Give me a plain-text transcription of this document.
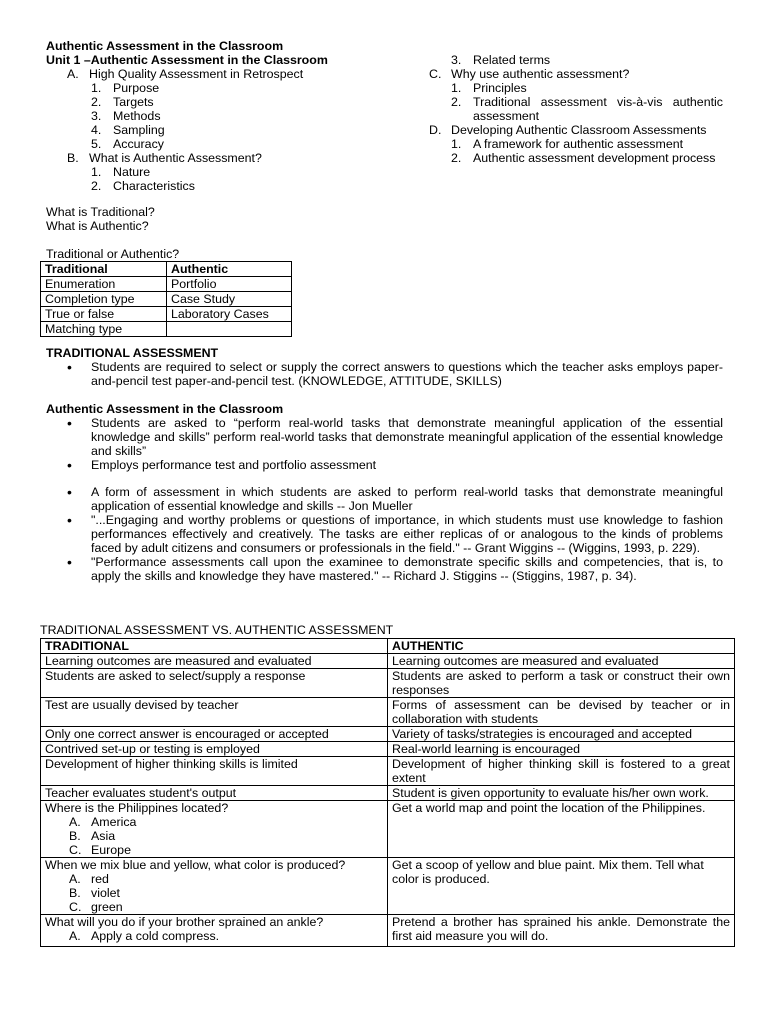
Authentic Assessment in the Classroom
Unit 1 –Authentic Assessment in the Classroom
A. High Quality Assessment in Retrospect
1. Purpose
2. Targets
3. Methods
4. Sampling
5. Accuracy
B. What is Authentic Assessment?
1. Nature
2. Characteristics
3. Related terms
C. Why use authentic assessment?
1. Principles
2. Traditional assessment vis-à-vis authentic assessment
D. Developing Authentic Classroom Assessments
1. A framework for authentic assessment
2. Authentic assessment development process
What is Traditional?
What is Authentic?
Traditional or Authentic?
Traditional	Authentic
Enumeration	Portfolio
Completion type	Case Study
True or false	Laboratory Cases
Matching type	
TRADITIONAL ASSESSMENT
• Students are required to select or supply the correct answers to questions which the teacher asks employs paper-and-pencil test paper-and-pencil test. (KNOWLEDGE, ATTITUDE, SKILLS)
Authentic Assessment in the Classroom
• Students are asked to “perform real-world tasks that demonstrate meaningful application of the essential knowledge and skills” perform real-world tasks that demonstrate meaningful application of the essential knowledge and skills”
• Employs performance test and portfolio assessment
• A form of assessment in which students are asked to perform real-world tasks that demonstrate meaningful application of essential knowledge and skills -- Jon Mueller
• "...Engaging and worthy problems or questions of importance, in which students must use knowledge to fashion performances effectively and creatively. The tasks are either replicas of or analogous to the kinds of problems faced by adult citizens and consumers or professionals in the field." -- Grant Wiggins -- (Wiggins, 1993, p. 229).
• "Performance assessments call upon the examinee to demonstrate specific skills and competencies, that is, to apply the skills and knowledge they have mastered." -- Richard J. Stiggins -- (Stiggins, 1987, p. 34).
TRADITIONAL ASSESSMENT VS. AUTHENTIC ASSESSMENT
TRADITIONAL	AUTHENTIC
Learning outcomes are measured and evaluated	Learning outcomes are measured and evaluated
Students are asked to select/supply a response	Students are asked to perform a task or construct their own responses
Test are usually devised by teacher	Forms of assessment can be devised by teacher or in collaboration with students
Only one correct answer is encouraged or accepted	Variety of tasks/strategies is encouraged and accepted
Contrived set-up or testing is employed	Real-world learning is encouraged
Development of higher thinking skills is limited	Development of higher thinking skill is fostered to a great extent
Teacher evaluates student's output	Student is given opportunity to evaluate his/her own work.

Where is the Philippines located?
A. America
B. Asia
C. Europe	Get a world map and point the location of the Philippines.

When we mix blue and yellow, what color is produced?
A. red
B. violet
C. green	Get a scoop of yellow and blue paint. Mix them. Tell what color is produced.

What will you do if your brother sprained an ankle?
A. Apply a cold compress.	Pretend a brother has sprained his ankle. Demonstrate the first aid measure you will do.
